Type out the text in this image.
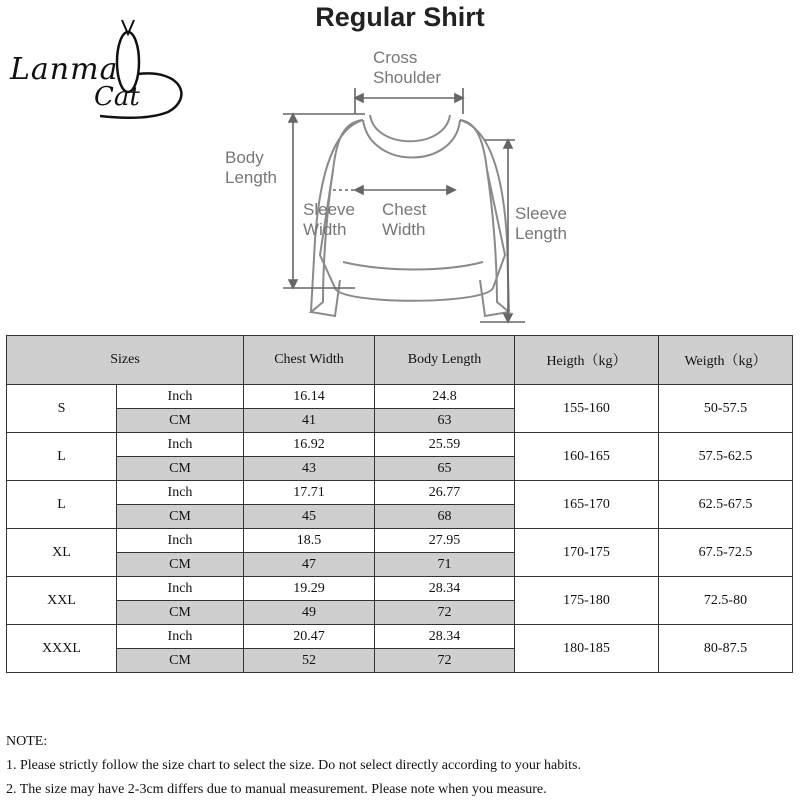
Regular Shirt
Lanma
Cat
Cross
Shoulder
Body
Length
Sleeve
Width
Chest
Width
Sleeve
Length
Sizes		Chest Width	Body Length	Heigth（kg）	Weigth（kg）
S	Inch	16.14	24.8	155-160	50-57.5
	CM	41	63		
L	Inch	16.92	25.59	160-165	57.5-62.5
	CM	43	65		
L	Inch	17.71	26.77	165-170	62.5-67.5
	CM	45	68		
XL	Inch	18.5	27.95	170-175	67.5-72.5
	CM	47	71		
XXL	Inch	19.29	28.34	175-180	72.5-80
	CM	49	72		
XXXL	Inch	20.47	28.34	180-185	80-87.5
	CM	52	72		
NOTE:
1. Please strictly follow the size chart to select the size. Do not select directly according to your habits.
2. The size may have 2-3cm differs due to manual measurement. Please note when you measure.
